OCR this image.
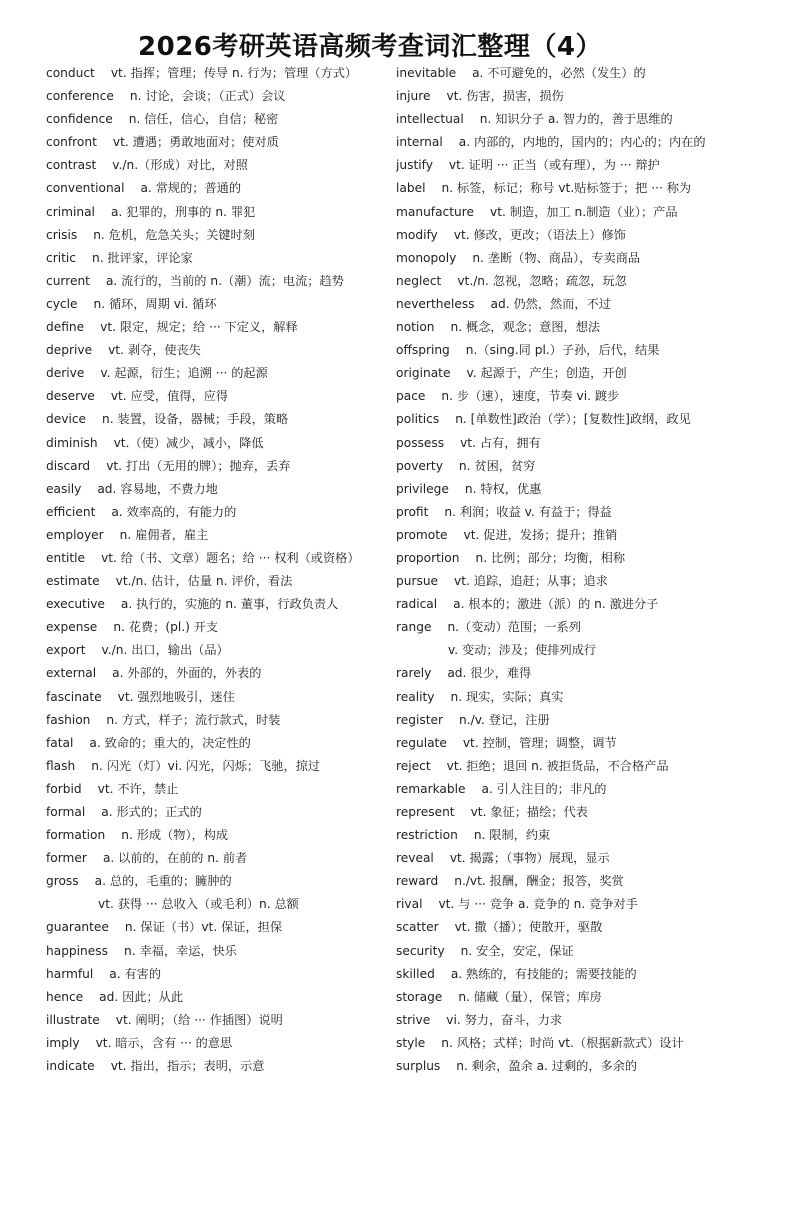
2026考研英语高频考查词汇整理（4）
conduct vt. 指挥；管理；传导 n. 行为；管理（方式）
conference n. 讨论，会谈；（正式）会议
confidence n. 信任，信心，自信；秘密
confront vt. 遭遇；勇敢地面对；使对质
contrast v./n.（形成）对比，对照
conventional a. 常规的；普通的
criminal a. 犯罪的，刑事的 n. 罪犯
crisis n. 危机，危急关头；关键时刻
critic n. 批评家，评论家
current a. 流行的，当前的 n.（潮）流；电流；趋势
cycle n. 循环，周期 vi. 循环
define vt. 限定，规定；给 ··· 下定义，解释
deprive vt. 剥夺，使丧失
derive v. 起源，衍生；追溯 ··· 的起源
deserve vt. 应受，值得，应得
device n. 装置，设备，器械；手段，策略
diminish vt.（使）减少，减小，降低
discard vt. 打出（无用的牌）；抛弃，丢弃
easily ad. 容易地，不费力地
efficient a. 效率高的，有能力的
employer n. 雇佣者，雇主
entitle vt. 给（书、文章）题名；给 ··· 权利（或资格）
estimate vt./n. 估计，估量 n. 评价，看法
executive a. 执行的，实施的 n. 董事，行政负责人
expense n. 花费；(pl.) 开支
export v./n. 出口，输出（品）
external a. 外部的，外面的，外表的
fascinate vt. 强烈地吸引，迷住
fashion n. 方式，样子；流行款式，时装
fatal a. 致命的；重大的，决定性的
flash n. 闪光（灯）vi. 闪光，闪烁；飞驰，掠过
forbid vt. 不许，禁止
formal a. 形式的；正式的
formation n. 形成（物），构成
former a. 以前的，在前的 n. 前者
gross a. 总的，毛重的；臃肿的
vt. 获得 ··· 总收入（或毛利）n. 总额
guarantee n. 保证（书）vt. 保证，担保
happiness n. 幸福，幸运，快乐
harmful a. 有害的
hence ad. 因此；从此
illustrate vt. 阐明；（给 ··· 作插图）说明
imply vt. 暗示，含有 ··· 的意思
indicate vt. 指出，指示；表明，示意
inevitable a. 不可避免的，必然（发生）的
injure vt. 伤害，损害，损伤
intellectual n. 知识分子 a. 智力的，善于思维的
internal a. 内部的，内地的，国内的；内心的；内在的
justify vt. 证明 ··· 正当（或有理），为 ··· 辩护
label n. 标签，标记；称号 vt.贴标签于；把 ··· 称为
manufacture vt. 制造，加工 n.制造（业）；产品
modify vt. 修改，更改；（语法上）修饰
monopoly n. 垄断（物、商品），专卖商品
neglect vt./n. 忽视，忽略；疏忽，玩忽
nevertheless ad. 仍然，然而，不过
notion n. 概念，观念；意图，想法
offspring n.（sing.同 pl.）子孙，后代，结果
originate v. 起源于，产生；创造，开创
pace n. 步（速），速度，节奏 vi. 踱步
politics n. [单数性]政治（学）；[复数性]政纲，政见
possess vt. 占有，拥有
poverty n. 贫困，贫穷
privilege n. 特权，优惠
profit n. 利润；收益 v. 有益于；得益
promote vt. 促进，发扬；提升；推销
proportion n. 比例；部分；均衡，相称
pursue vt. 追踪，追赶；从事；追求
radical a. 根本的；激进（派）的 n. 激进分子
range n.（变动）范围；一系列
v. 变动；涉及；使排列成行
rarely ad. 很少，难得
reality n. 现实，实际；真实
register n./v. 登记，注册
regulate vt. 控制，管理；调整，调节
reject vt. 拒绝；退回 n. 被拒货品，不合格产品
remarkable a. 引人注目的；非凡的
represent vt. 象征；描绘；代表
restriction n. 限制，约束
reveal vt. 揭露；（事物）展现，显示
reward n./vt. 报酬，酬金；报答，奖赏
rival vt. 与 ··· 竞争 a. 竞争的 n. 竞争对手
scatter vt. 撒（播）；使散开，驱散
security n. 安全，安定，保证
skilled a. 熟练的，有技能的；需要技能的
storage n. 储藏（量），保管；库房
strive vi. 努力，奋斗，力求
style n. 风格；式样；时尚 vt.（根据新款式）设计
surplus n. 剩余，盈余 a. 过剩的，多余的
